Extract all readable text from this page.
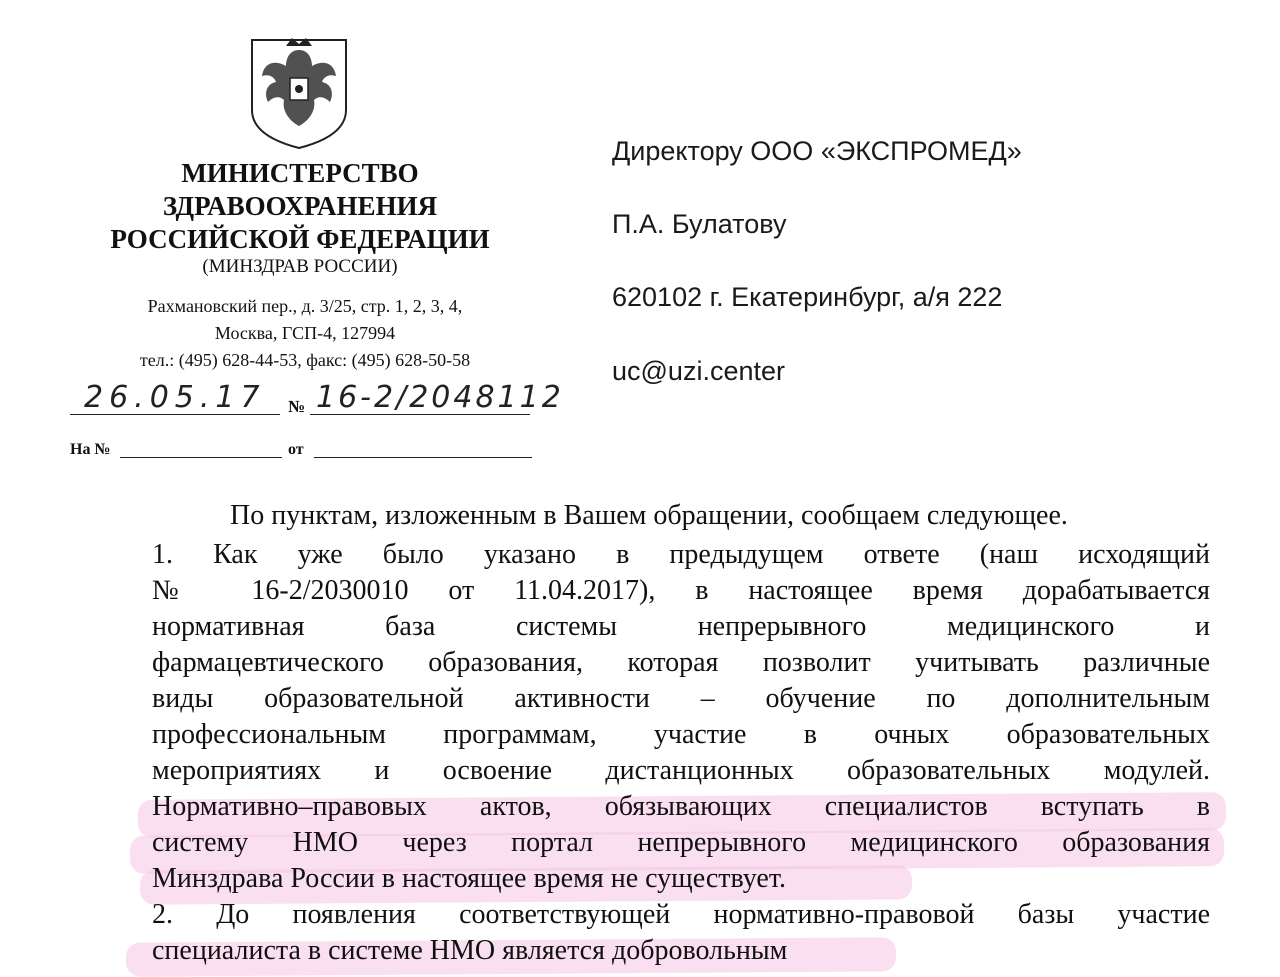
МИНИСТЕРСТВО
ЗДРАВООХРАНЕНИЯ
РОССИЙСКОЙ ФЕДЕРАЦИИ
(МИНЗДРАВ РОССИИ)
Рахмановский пер., д. 3/25, стр. 1, 2, 3, 4,
Москва, ГСП-4, 127994
тел.: (495) 628-44-53, факс: (495) 628-50-58
26.05.17 № 16-2/2048112
На №	от
Директору ООО «ЭКСПРОМЕД»
П.А. Булатову
620102 г. Екатеринбург, а/я 222
uc@uzi.center
По пунктам, изложенным в Вашем обращении, сообщаем следующее.
1. Как уже было указано в предыдущем ответе (наш исходящий
№ 16-2/2030010 от 11.04.2017), в настоящее время дорабатывается
нормативная база системы непрерывного медицинского и
фармацевтического образования, которая позволит учитывать различные
виды образовательной активности – обучение по дополнительным
профессиональным программам, участие в очных образовательных
мероприятиях и освоение дистанционных образовательных модулей.
Нормативно–правовых актов, обязывающих специалистов вступать в
систему НМО через портал непрерывного медицинского образования
Минздрава России в настоящее время не существует.
2. До появления соответствующей нормативно-правовой базы участие
специалиста в системе НМО является добровольным
